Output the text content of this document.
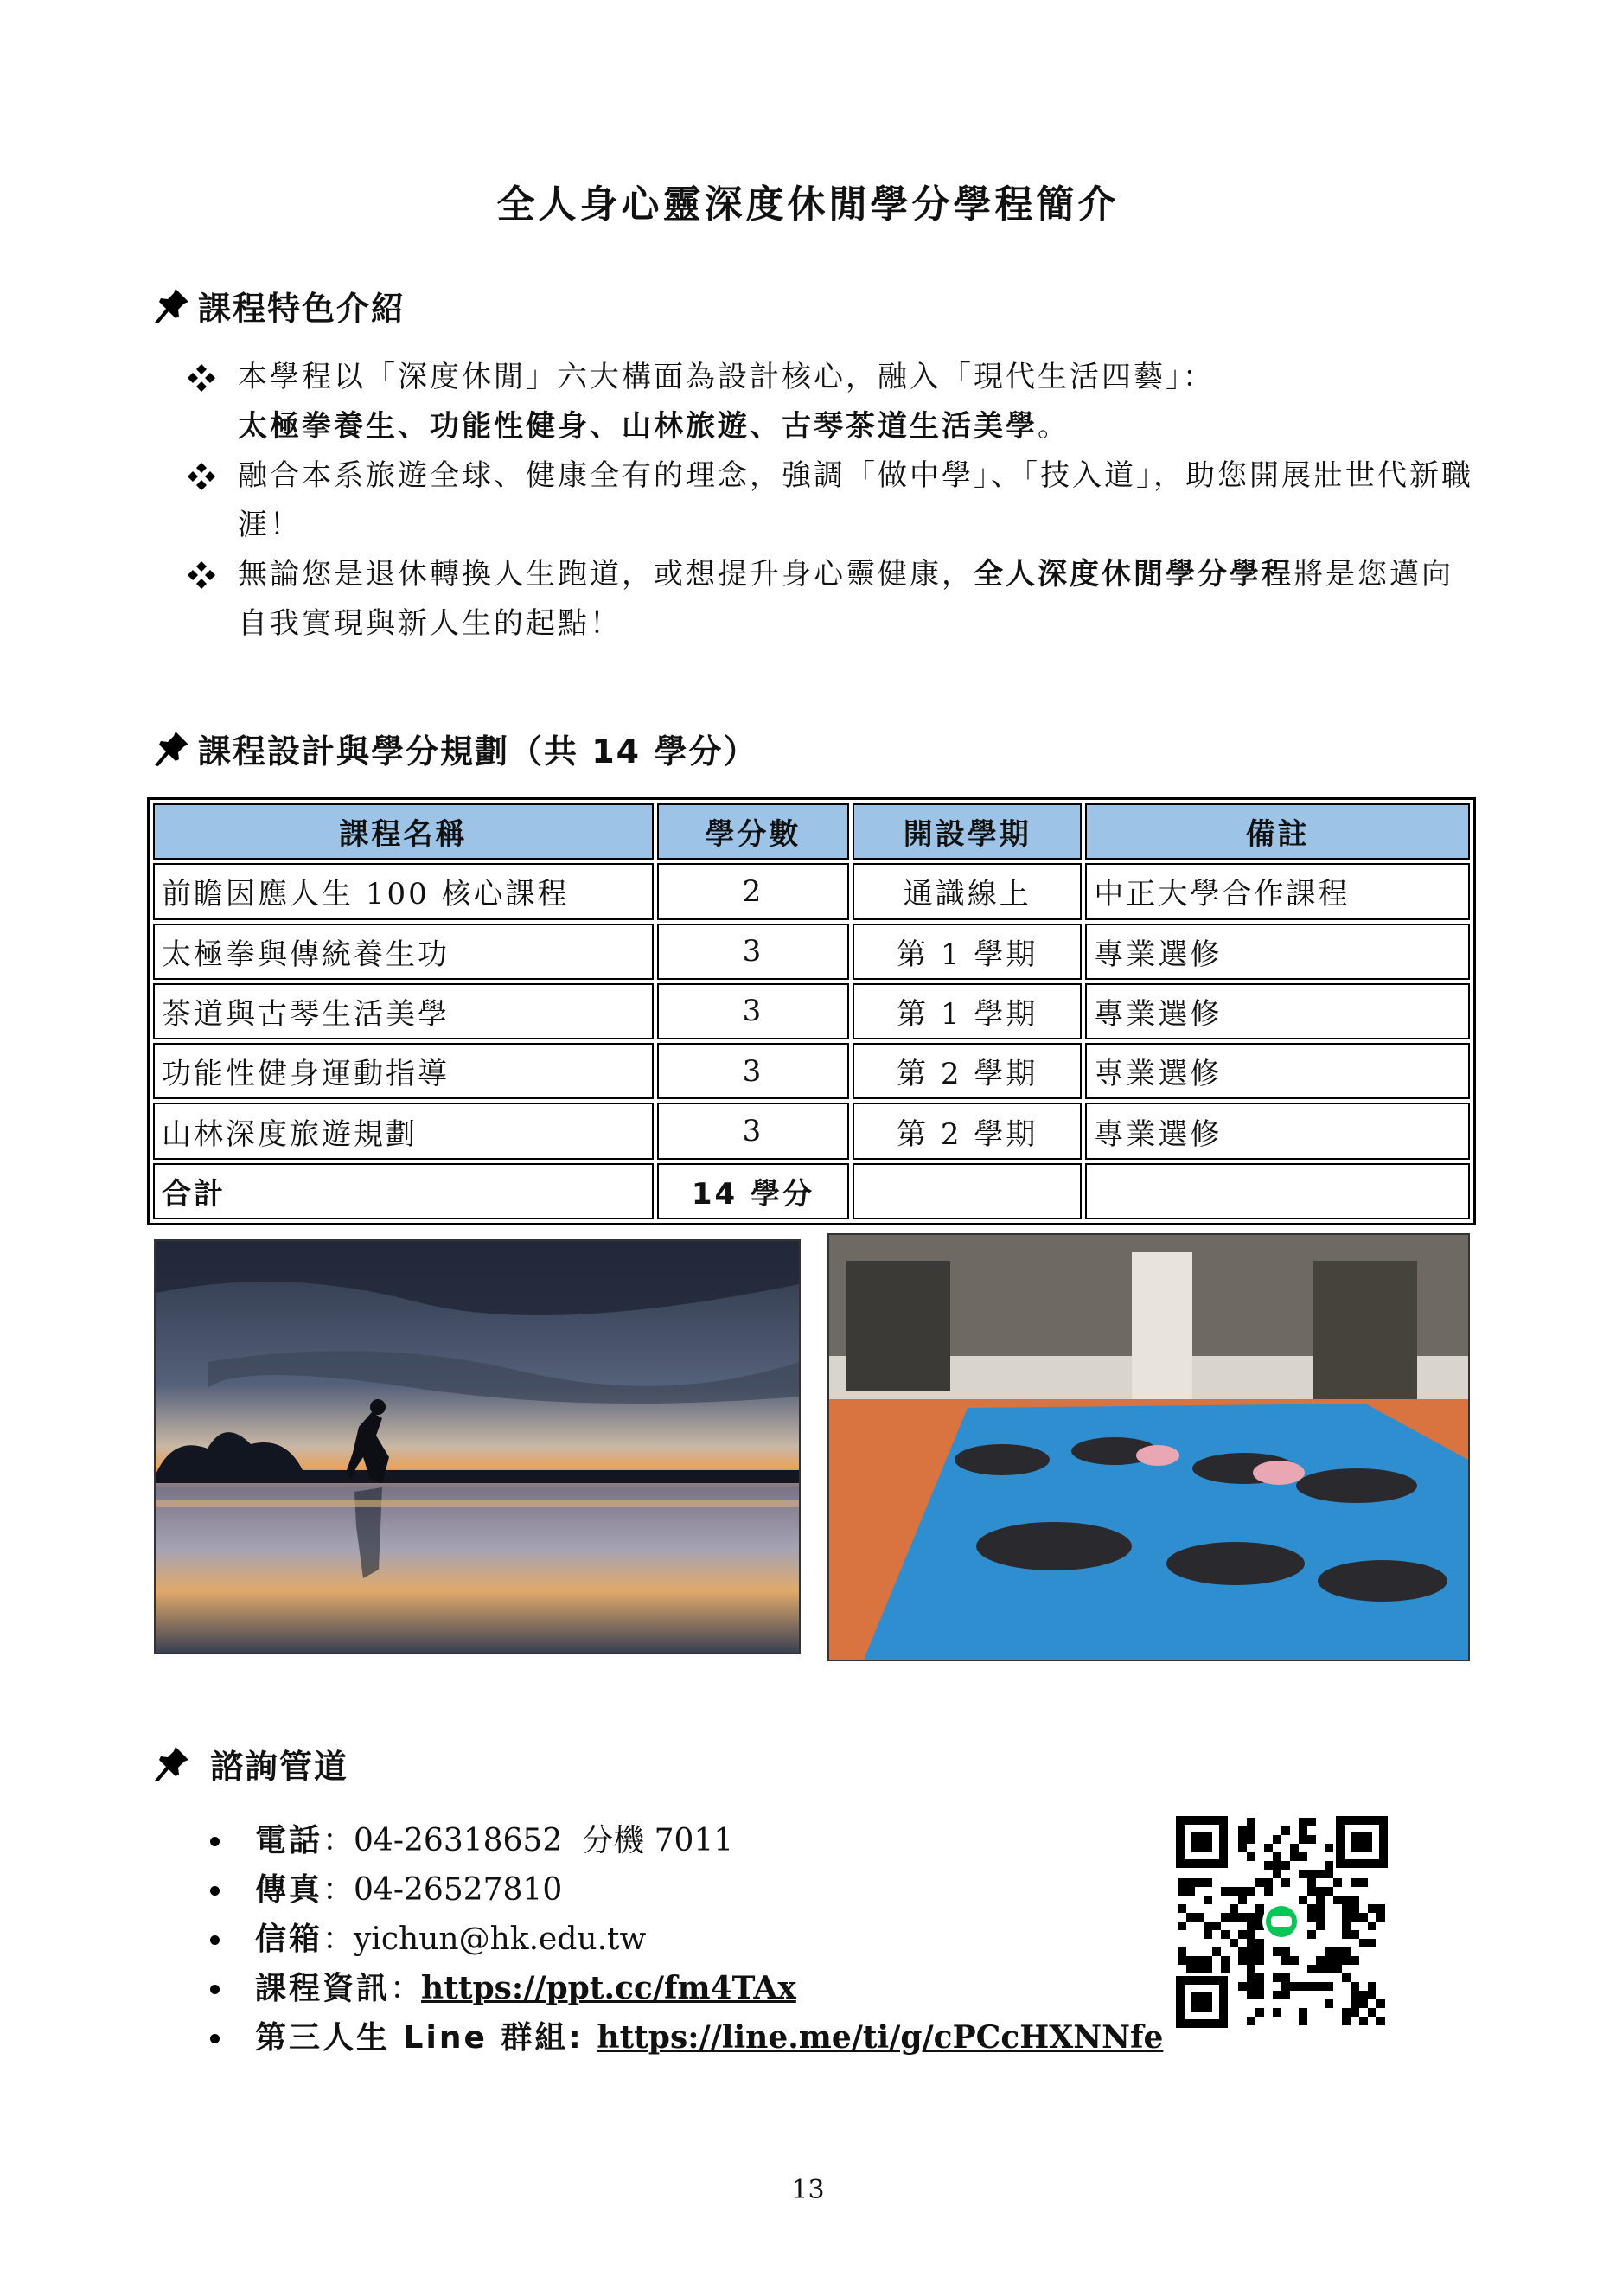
全人身心靈深度休閒學分學程簡介
課程特色介紹
本學程以「深度休閒」六大構面為設計核心，融入「現代生活四藝」：
太極拳養生、功能性健身、山林旅遊、古琴茶道生活美學。
融合本系旅遊全球、健康全有的理念，強調「做中學」、「技入道」，助您開展壯世代新職涯！
無論您是退休轉換人生跑道，或想提升身心靈健康，全人深度休閒學分學程將是您邁向自我實現與新人生的起點！
課程設計與學分規劃（共 14 學分）
課程名稱	學分數	開設學期	備註
前瞻因應人生 100 核心課程	2	通識線上	中正大學合作課程
太極拳與傳統養生功	3	第 1 學期	專業選修
茶道與古琴生活美學	3	第 1 學期	專業選修
功能性健身運動指導	3	第 2 學期	專業選修
山林深度旅遊規劃	3	第 2 學期	專業選修
合計	14 學分		
諮詢管道
電話：04-26318652  分機 7011
傳真：04-26527810
信箱：yichun@hk.edu.tw
課程資訊：https://ppt.cc/fm4TAx
第三人生 Line 群組: https://line.me/ti/g/cPCcHXNNfe
13
